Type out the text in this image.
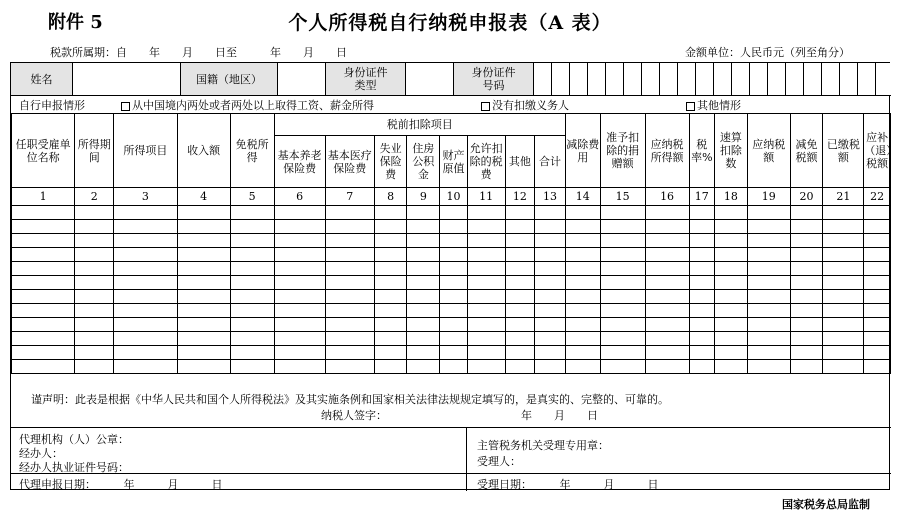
附件 5	个人所得税自行纳税申报表（A 表）
税款所属期：自　　年　　月　　日至　　　年　　月　　日	金额单位：人民币元（列至角分）
姓名	国籍（地区）	身份证件类型
身份证件号码
自行申报情形	从中国境内两处或者两处以上取得工资、薪金所得	没有扣缴义务人	其他情形
任职受雇单位名称	所得期间	所得项目	收入额	免税所得	税前扣除项目								减除费用	准予扣除的捐赠额	应纳税所得额	税率%	速算扣除数	应纳税额	减免税额	已缴税额	应补（退）税额
					基本养老保险费	基本医疗保险费	失业保险费	住房公积金	财产原值	允许扣除的税费	其他	合计									
1	2	3	4	5	6	7	8	9	10	11	12	13	14	15	16	17	18	19	20	21	22

谨声明：此表是根据《中华人民共和国个人所得税法》及其实施条例和国家相关法律法规规定填写的，是真实的、完整的、可靠的。
纳税人签字：	年　　月　　日
代理机构（人）公章：
经办人：
经办人执业证件号码：
代理申报日期：　　　年　　　月　　　日
主管税务机关受理专用章：
受理人：
受理日期：　　　年　　　月　　　日
国家税务总局监制
